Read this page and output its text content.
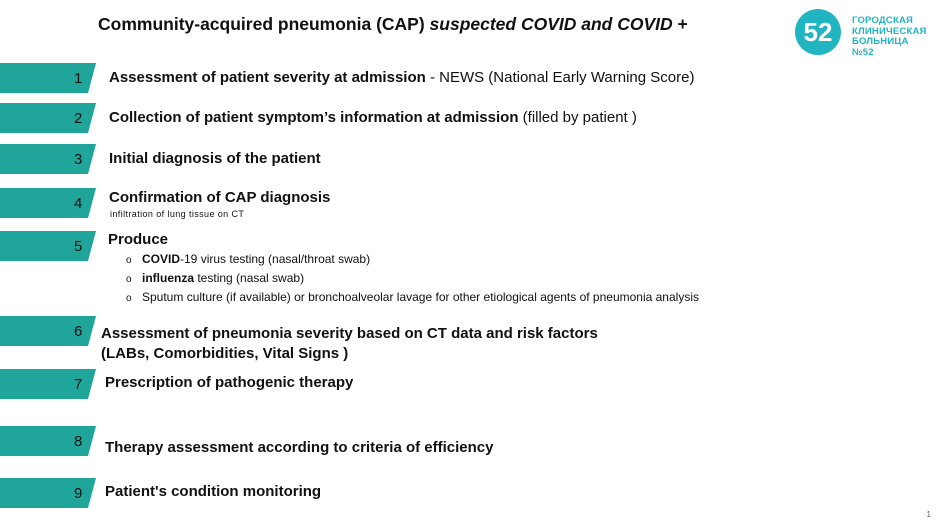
Community-acquired pneumonia (CAP) suspected COVID and COVID +	52 ГОРОДСКАЯ
КЛИНИЧЕСКАЯ
БОЛЬНИЦА №52
1
2
3
4
5
6
7
8
9
Assessment of patient severity at admission - NEWS (National Early Warning Score)
Collection of patient symptom’s information at admission (filled by patient )
Initial diagnosis of the patient
Confirmation of CAP diagnosis
infiltration of lung tissue on CT
Produce
o COVID-19 virus testing (nasal/throat swab)
o influenza testing (nasal swab)
o Sputum culture (if available) or bronchoalveolar lavage for other etiological agents of pneumonia analysis
Assessment of pneumonia severity based on CT data and risk factors
(LABs, Comorbidities, Vital Signs )
Prescription of pathogenic therapy
Therapy assessment according to criteria of efficiency
Patient's condition monitoring
1
